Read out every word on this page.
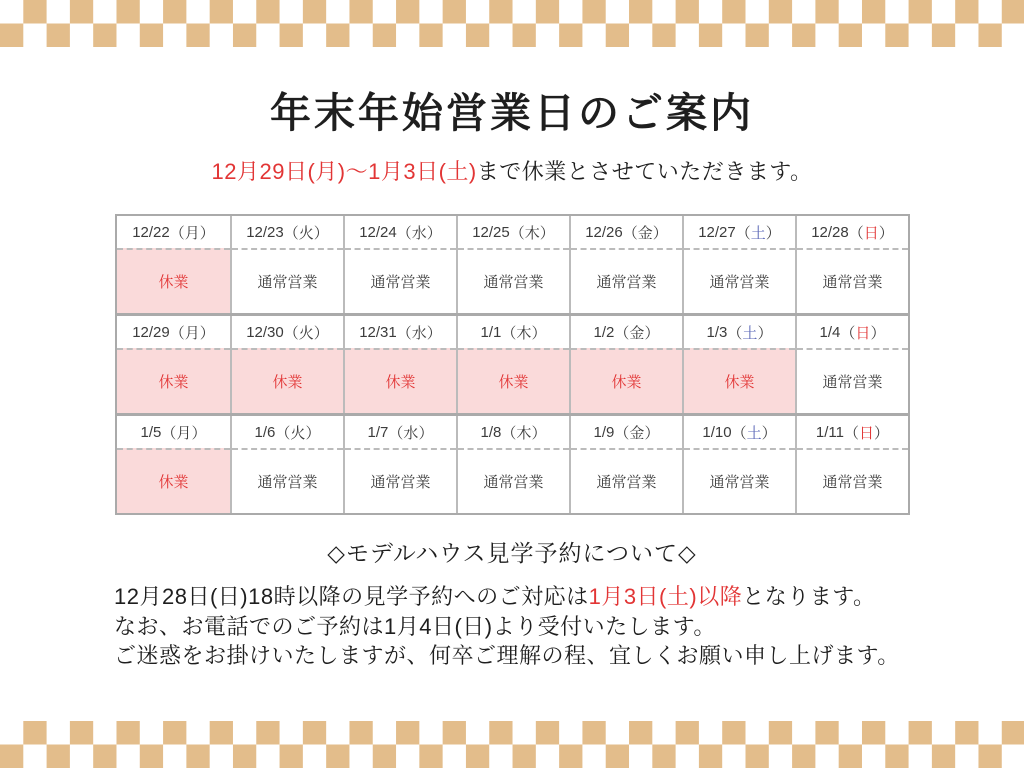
年末年始営業日のご案内

12月29日(月)～1月3日(土)まで休業とさせていただきます。

12/22 （ 月 ）
休業
12/23 （ 火 ）
通常営業
12/24 （ 水 ）
通常営業
12/25 （ 木 ）
通常営業
12/26 （ 金 ）
通常営業
12/27 （ 土 ）
通常営業
12/28 （ 日 ）
通常営業
12/29 （ 月 ）
休業
12/30 （ 火 ）
休業
12/31 （ 水 ）
休業
1/1 （ 木 ）
休業
1/2 （ 金 ）
休業
1/3 （ 土 ）
休業
1/4 （ 日 ）
通常営業
1/5 （ 月 ）
休業
1/6 （ 火 ）
通常営業
1/7 （ 水 ）
通常営業
1/8 （ 木 ）
通常営業
1/9 （ 金 ）
通常営業
1/10 （ 土 ）
通常営業
1/11 （ 日 ）
通常営業
◇モデルハウス見学予約について◇

12月28日(日)18時以降の見学予約へのご対応は1月3日(土)以降となります。

なお、お電話でのご予約は1月4日(日)より受付いたします。

ご迷惑をお掛けいたしますが、何卒ご理解の程、宜しくお願い申し上げます。
